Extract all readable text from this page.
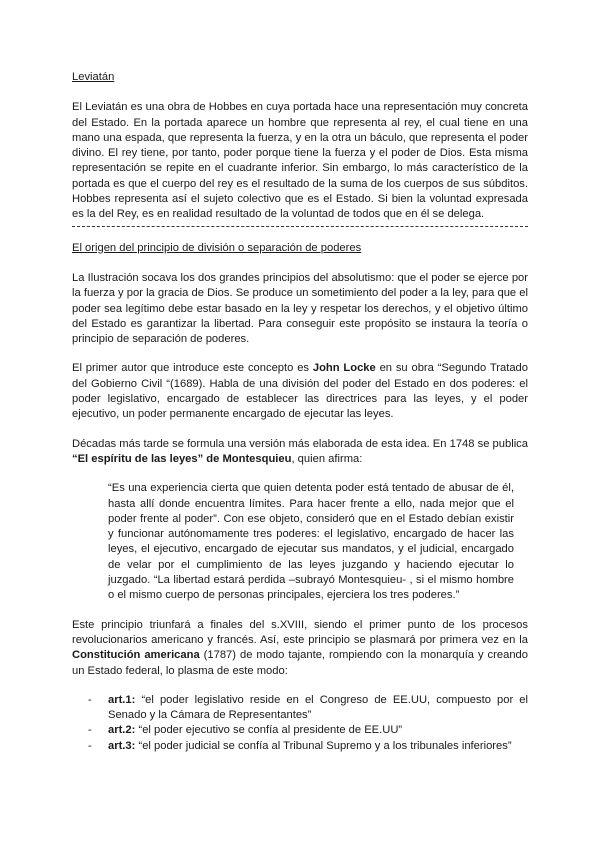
Leviatán

El Leviatán es una obra de Hobbes en cuya portada hace una representación muy concreta del Estado. En la portada aparece un hombre que representa al rey, el cual tiene en una mano una espada, que representa la fuerza, y en la otra un báculo, que representa el poder divino. El rey tiene, por tanto, poder porque tiene la fuerza y el poder de Dios. Esta misma representación se repite en el cuadrante inferior. Sin embargo, lo más característico de la portada es que el cuerpo del rey es el resultado de la suma de los cuerpos de sus súbditos. Hobbes representa así el sujeto colectivo que es el Estado. Si bien la voluntad expresada es la del Rey, es en realidad resultado de la voluntad de todos que en él se delega.

El origen del principio de división o separación de poderes

La Ilustración socava los dos grandes principios del absolutismo: que el poder se ejerce por la fuerza y por la gracia de Dios. Se produce un sometimiento del poder a la ley, para que el poder sea legítimo debe estar basado en la ley y respetar los derechos, y el objetivo último del Estado es garantizar la libertad. Para conseguir este propósito se instaura la teoría o principio de separación de poderes.

El primer autor que introduce este concepto es John Locke en su obra “Segundo Tratado del Gobierno Civil “(1689). Habla de una división del poder del Estado en dos poderes: el poder legislativo, encargado de establecer las directrices para las leyes, y el poder ejecutivo, un poder permanente encargado de ejecutar las leyes.

Décadas más tarde se formula una versión más elaborada de esta idea. En 1748 se publica “El espíritu de las leyes” de Montesquieu, quien afirma:

“Es una experiencia cierta que quien detenta poder está tentado de abusar de él, hasta allí donde encuentra límites. Para hacer frente a ello, nada mejor que el poder frente al poder”. Con ese objeto, consideró que en el Estado debían existir y funcionar autónomamente tres poderes: el legislativo, encargado de hacer las leyes, el ejecutivo, encargado de ejecutar sus mandatos, y el judicial, encargado de velar por el cumplimiento de las leyes juzgando y haciendo ejecutar lo juzgado. “La libertad estará perdida –subrayó Montesquieu- , si el mismo hombre o el mismo cuerpo de personas principales, ejerciera los tres poderes.”

Este principio triunfará a finales del s.XVIII, siendo el primer punto de los procesos revolucionarios americano y francés. Así, este principio se plasmará por primera vez en la Constitución americana (1787) de modo tajante, rompiendo con la monarquía y creando un Estado federal, lo plasma de este modo:

- art.1: “el poder legislativo reside en el Congreso de EE.UU, compuesto por el Senado y la Cámara de Representantes”
- art.2: “el poder ejecutivo se confía al presidente de EE.UU”
- art.3: “el poder judicial se confía al Tribunal Supremo y a los tribunales inferiores”
